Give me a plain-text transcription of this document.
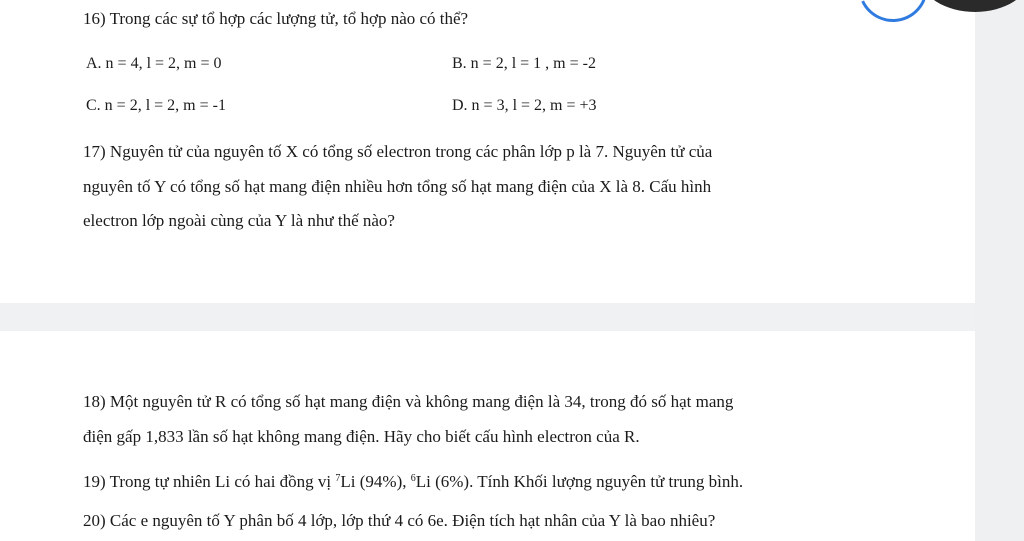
16) Trong các sự tổ hợp các lượng tử, tổ hợp nào có thể?
A. n = 4, l = 2, m = 0	B. n = 2, l = 1 , m = -2
C. n = 2, l = 2, m = -1	D. n = 3, l = 2, m = +3
17) Nguyên tử của nguyên tố X có tổng số electron trong các phân lớp p là 7. Nguyên tử của
nguyên tố Y có tổng số hạt mang điện nhiều hơn tổng số hạt mang điện của X là 8. Cấu hình
electron lớp ngoài cùng của Y là như thế nào?
18) Một nguyên tử R có tổng số hạt mang điện và không mang điện là 34, trong đó số hạt mang
điện gấp 1,833 lần số hạt không mang điện. Hãy cho biết cấu hình electron của R.
19) Trong tự nhiên Li có hai đồng vị $^7$Li (94%), $^6$Li (6%). Tính Khối lượng nguyên tử trung bình.
20) Các e nguyên tố Y phân bố 4 lớp, lớp thứ 4 có 6e. Điện tích hạt nhân của Y là bao nhiêu?
